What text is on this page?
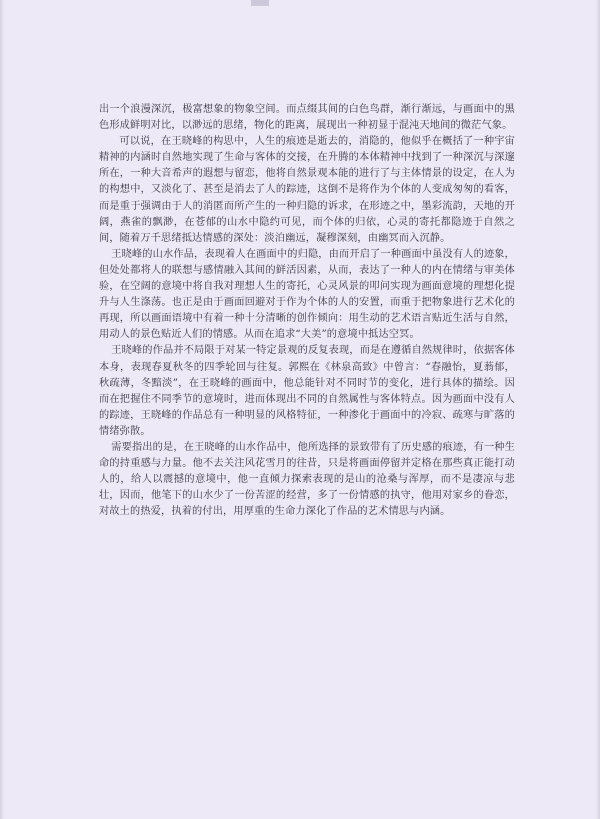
出一个浪漫深沉，极富想象的物象空间。而点缀其间的白色鸟群，渐行渐远，与画面中的黑色形成鲜明对比，以渺远的思绪，物化的距离，展现出一种初显于混沌天地间的微茫气象。

可以说，在王晓峰的构思中，人生的痕迹是逝去的，消隐的，他似乎在概括了一种宇宙精神的内涵时自然地实现了生命与客体的交接，在升腾的本体精神中找到了一种深沉与深邃所在，一种大音希声的遐想与留恋，他将自然景观本能的进行了与主体情景的设定，在人为的构想中，又淡化了、甚至是消去了人的踪迹，这倒不是将作为个体的人变成匆匆的看客，而是重于强调由于人的消匿而所产生的一种归隐的诉求，在形迹之中，墨彩流韵，天地的开阔，燕雀的飘渺，在苍郁的山水中隐约可见，而个体的归依，心灵的寄托都隐迹于自然之间，随着万千思绪抵达情感的深处：淡泊幽远，凝穆深刻，由幽冥而入沉静。

王晓峰的山水作品，表现着人在画面中的归隐，由而开启了一种画面中虽没有人的迹象，但处处都将人的联想与感情融入其间的鲜活因素，从而，表达了一种人的内在情绪与审美体验，在空阔的意境中将自我对理想人生的寄托，心灵风景的叩问实现为画面意境的理想化提升与人生涤荡。也正是由于画面回避对于作为个体的人的安置，而重于把物象进行艺术化的再现，所以画面语境中有着一种十分清晰的创作倾向：用生动的艺术语言贴近生活与自然，用动人的景色贴近人们的情感。从而在追求“大美”的意境中抵达空冥。

王晓峰的作品并不局限于对某一特定景观的反复表现，而是在遵循自然规律时，依据客体本身，表现春夏秋冬的四季轮回与往复。郭熙在《林泉高致》中曾言：“春融怡，夏蓊郁，秋疏薄，冬黯淡”，在王晓峰的画面中，他总能针对不同时节的变化，进行具体的描绘。因而在把握住不同季节的意境时，进而体现出不同的自然属性与客体特点。因为画面中没有人的踪迹，王晓峰的作品总有一种明显的风格特征，一种渗化于画面中的冷寂、疏寒与旷落的情绪弥散。

需要指出的是，在王晓峰的山水作品中，他所选择的景致带有了历史感的痕迹，有一种生命的持重感与力量。他不去关注风花雪月的往昔，只是将画面停留并定格在那些真正能打动人的，给人以震撼的意境中，他一直倾力探索表现的是山的沧桑与浑厚，而不是凄凉与悲壮，因而，他笔下的山水少了一份苦涩的经营，多了一份情感的执守，他用对家乡的眷恋，对故土的热爱，执着的付出，用厚重的生命力深化了作品的艺术情思与内涵。
